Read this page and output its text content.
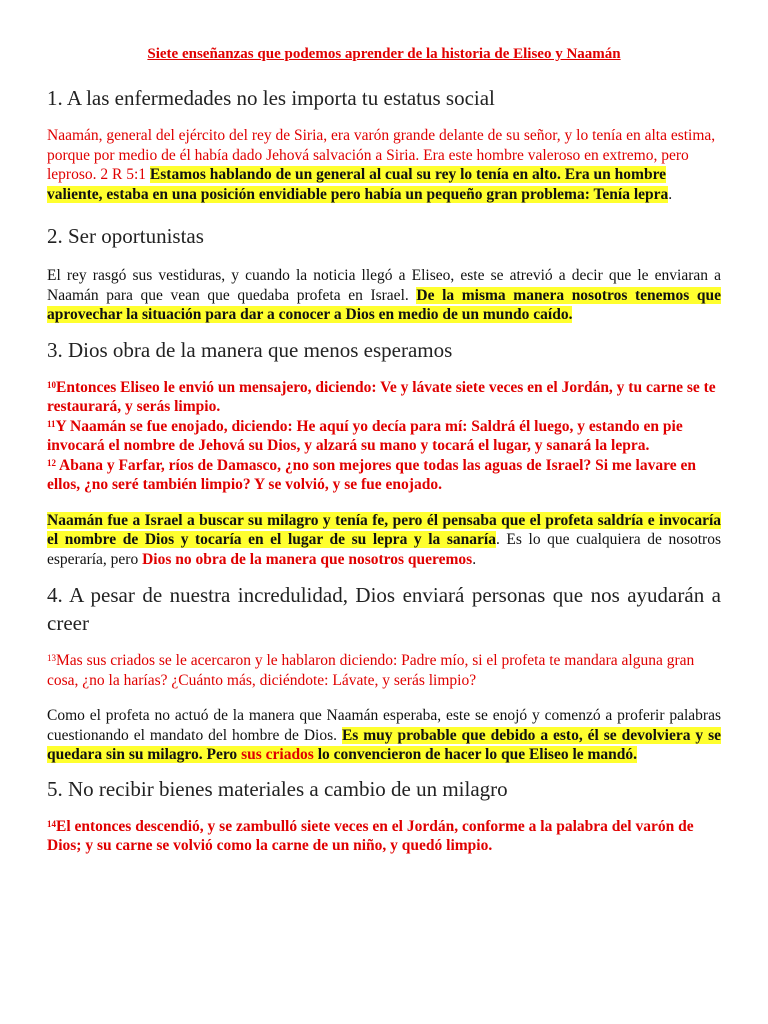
Siete enseñanzas que podemos aprender de la historia de Eliseo y Naamán

1. A las enfermedades no les importa tu estatus social

Naamán, general del ejército del rey de Siria, era varón grande delante de su señor, y lo tenía en alta estima, porque por medio de él había dado Jehová salvación a Siria. Era este hombre valeroso en extremo, pero leproso. 2 R 5:1 Estamos hablando de un general al cual su rey lo tenía en alto. Era un hombre valiente, estaba en una posición envidiable pero había un pequeño gran problema: Tenía lepra.

2. Ser oportunistas

El rey rasgó sus vestiduras, y cuando la noticia llegó a Eliseo, este se atrevió a decir que le enviaran a Naamán para que vean que quedaba profeta en Israel. De la misma manera nosotros tenemos que aprovechar la situación para dar a conocer a Dios en medio de un mundo caído.

3. Dios obra de la manera que menos esperamos

$^{10}$Entonces Eliseo le envió un mensajero, diciendo: Ve y lávate siete veces en el Jordán, y tu carne se te restaurará, y serás limpio.

$^{11}$Y Naamán se fue enojado, diciendo: He aquí yo decía para mí: Saldrá él luego, y estando en pie invocará el nombre de Jehová su Dios, y alzará su mano y tocará el lugar, y sanará la lepra.

$^{12}$ Abana y Farfar, ríos de Damasco, ¿no son mejores que todas las aguas de Israel? Si me lavare en ellos, ¿no seré también limpio? Y se volvió, y se fue enojado.

Naamán fue a Israel a buscar su milagro y tenía fe, pero él pensaba que el profeta saldría e invocaría el nombre de Dios y tocaría en el lugar de su lepra y la sanaría. Es lo que cualquiera de nosotros esperaría, pero Dios no obra de la manera que nosotros queremos.

4. A pesar de nuestra incredulidad, Dios enviará personas que nos ayudarán a creer

$^{13}$Mas sus criados se le acercaron y le hablaron diciendo: Padre mío, si el profeta te mandara alguna gran cosa, ¿no la harías? ¿Cuánto más, diciéndote: Lávate, y serás limpio?

Como el profeta no actuó de la manera que Naamán esperaba, este se enojó y comenzó a proferir palabras cuestionando el mandato del hombre de Dios. Es muy probable que debido a esto, él se devolviera y se quedara sin su milagro. Pero sus criados lo convencieron de hacer lo que Eliseo le mandó.

5. No recibir bienes materiales a cambio de un milagro

$^{14}$El entonces descendió, y se zambulló siete veces en el Jordán, conforme a la palabra del varón de Dios; y su carne se volvió como la carne de un niño, y quedó limpio.
